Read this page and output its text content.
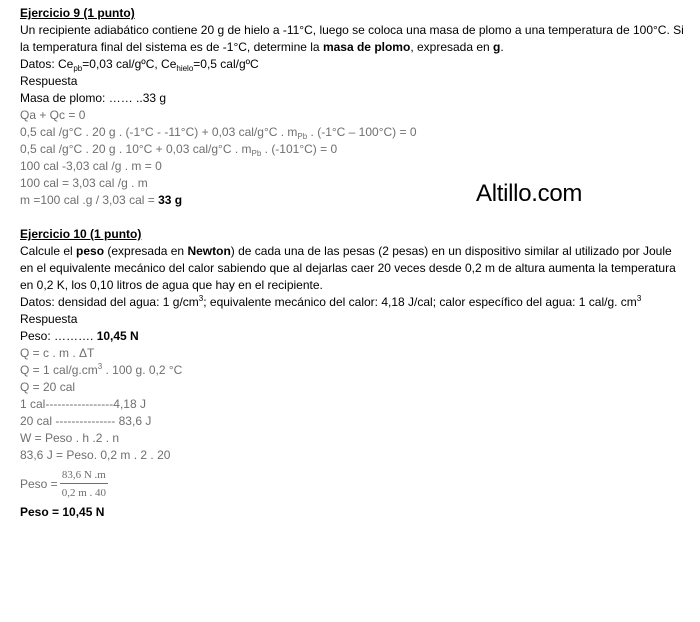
Altillo.com
Ejercicio 9 (1 punto)
Un recipiente adiabático contiene 20 g de hielo a -11°C, luego se coloca una masa de plomo a una temperatura de 100°C. Si la temperatura final del sistema es de -1°C, determine la masa de plomo, expresada en g.
Datos: $Ce_{pb}=0,03$ cal/gºC, $Ce_{hielo}=0,5$ cal/gºC
Respuesta
Masa de plomo: …… ..33 g
Qa + Qc = 0
0,5 cal /g°C . 20 g . (-1°C - -11°C) + 0,03 cal/g°C . $m_{Pb}$ . (-1°C – 100°C) = 0
0,5 cal /g°C . 20 g . 10°C + 0,03 cal/g°C . $m_{Pb}$ . (-101°C) = 0
100 cal -3,03 cal /g . m = 0
100 cal = 3,03 cal /g . m
m =100 cal .g / 3,03 cal = 33 g
Ejercicio 10 (1 punto)
Calcule el peso (expresada en Newton) de cada una de las pesas (2 pesas) en un dispositivo similar al utilizado por Joule en el equivalente mecánico del calor sabiendo que al dejarlas caer 20 veces desde 0,2 m de altura aumenta la temperatura en 0,2 K, los 0,10 litros de agua que hay en el recipiente.
Datos: densidad del agua: 1 $g/cm^3$; equivalente mecánico del calor: 4,18 J/cal; calor específico del agua: 1 cal/g. $cm^3$
Respuesta
Peso: ………. 10,45 N
Q = c . m . ΔT
Q = 1 cal/$g.cm^3$ . 100 g. 0,2 °C
Q = 20 cal
1 cal-----------------4,18 J
20 cal --------------- 83,6 J
W = Peso . h .2 . n
83,6 J = Peso. 0,2 m . 2 . 20
Peso = $\frac{83,6 N .m}{0,2 m . 40}$
Peso = 10,45 N
